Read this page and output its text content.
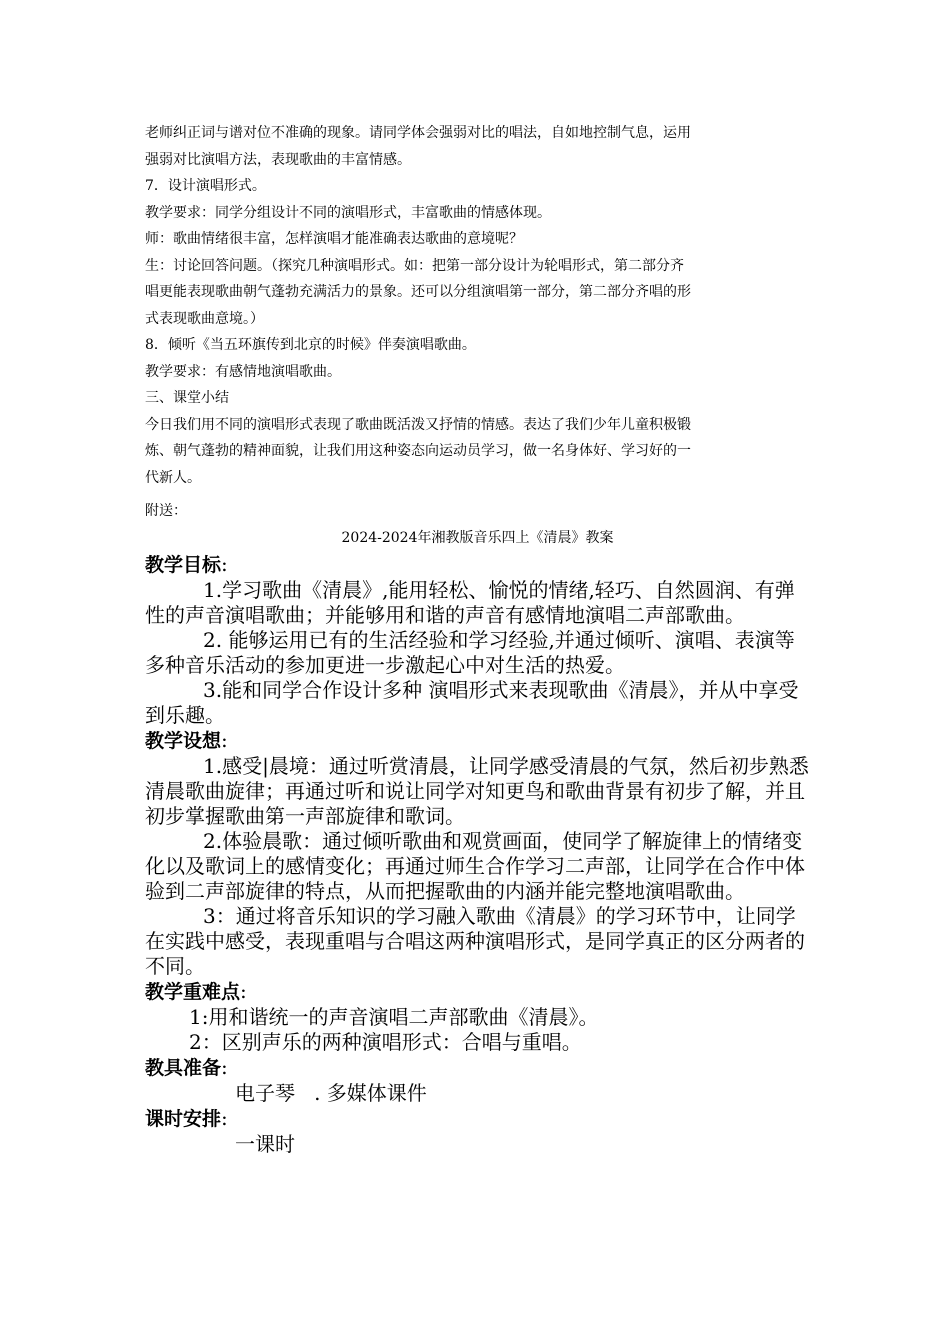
老师纠正词与谱对位不准确的现象。请同学体会强弱对比的唱法，自如地控制气息，运用

强弱对比演唱方法，表现歌曲的丰富情感。

7．设计演唱形式。

教学要求：同学分组设计不同的演唱形式，丰富歌曲的情感体现。

师：歌曲情绪很丰富，怎样演唱才能准确表达歌曲的意境呢？

生：讨论回答问题。（探究几种演唱形式。如：把第一部分设计为轮唱形式，第二部分齐

唱更能表现歌曲朝气蓬勃充满活力的景象。还可以分组演唱第一部分，第二部分齐唱的形

式表现歌曲意境。）

8．倾听《当五环旗传到北京的时候》伴奏演唱歌曲。

教学要求：有感情地演唱歌曲。

三、课堂小结

今日我们用不同的演唱形式表现了歌曲既活泼又抒情的情感。表达了我们少年儿童积极锻

炼、朝气蓬勃的精神面貌，让我们用这种姿态向运动员学习，做一名身体好、学习好的一

代新人。

附送：
2024-2024年湘教版音乐四上《清晨》教案

教学目标:

1.学习歌曲《清晨》,能用轻松、愉悦的情绪,轻巧、自然圆润、有弹性的声音演唱歌曲；并能够用和谐的声音有感情地演唱二声部歌曲。

2. 能够运用已有的生活经验和学习经验,并通过倾听、演唱、表演等多种音乐活动的参加更进一步激起心中对生活的热爱。

3.能和同学合作设计多种 演唱形式来表现歌曲《清晨》，并从中享受到乐趣。

教学设想:

1.感受|晨境：通过听赏清晨，让同学感受清晨的气氛，然后初步熟悉清晨歌曲旋律；再通过听和说让同学对知更鸟和歌曲背景有初步了解，并且初步掌握歌曲第一声部旋律和歌词。

2.体验晨歌：通过倾听歌曲和观赏画面，使同学了解旋律上的情绪变化以及歌词上的感情变化；再通过师生合作学习二声部，让同学在合作中体验到二声部旋律的特点，从而把握歌曲的内涵并能完整地演唱歌曲。

3：通过将音乐知识的学习融入歌曲《清晨》的学习环节中，让同学在实践中感受，表现重唱与合唱这两种演唱形式，是同学真正的区分两者的不同。

教学重难点:

1:用和谐统一的声音演唱二声部歌曲《清晨》。

2：区别声乐的两种演唱形式：合唱与重唱。

教具准备:

电子琴   . 多媒体课件

课时安排:

一课时
